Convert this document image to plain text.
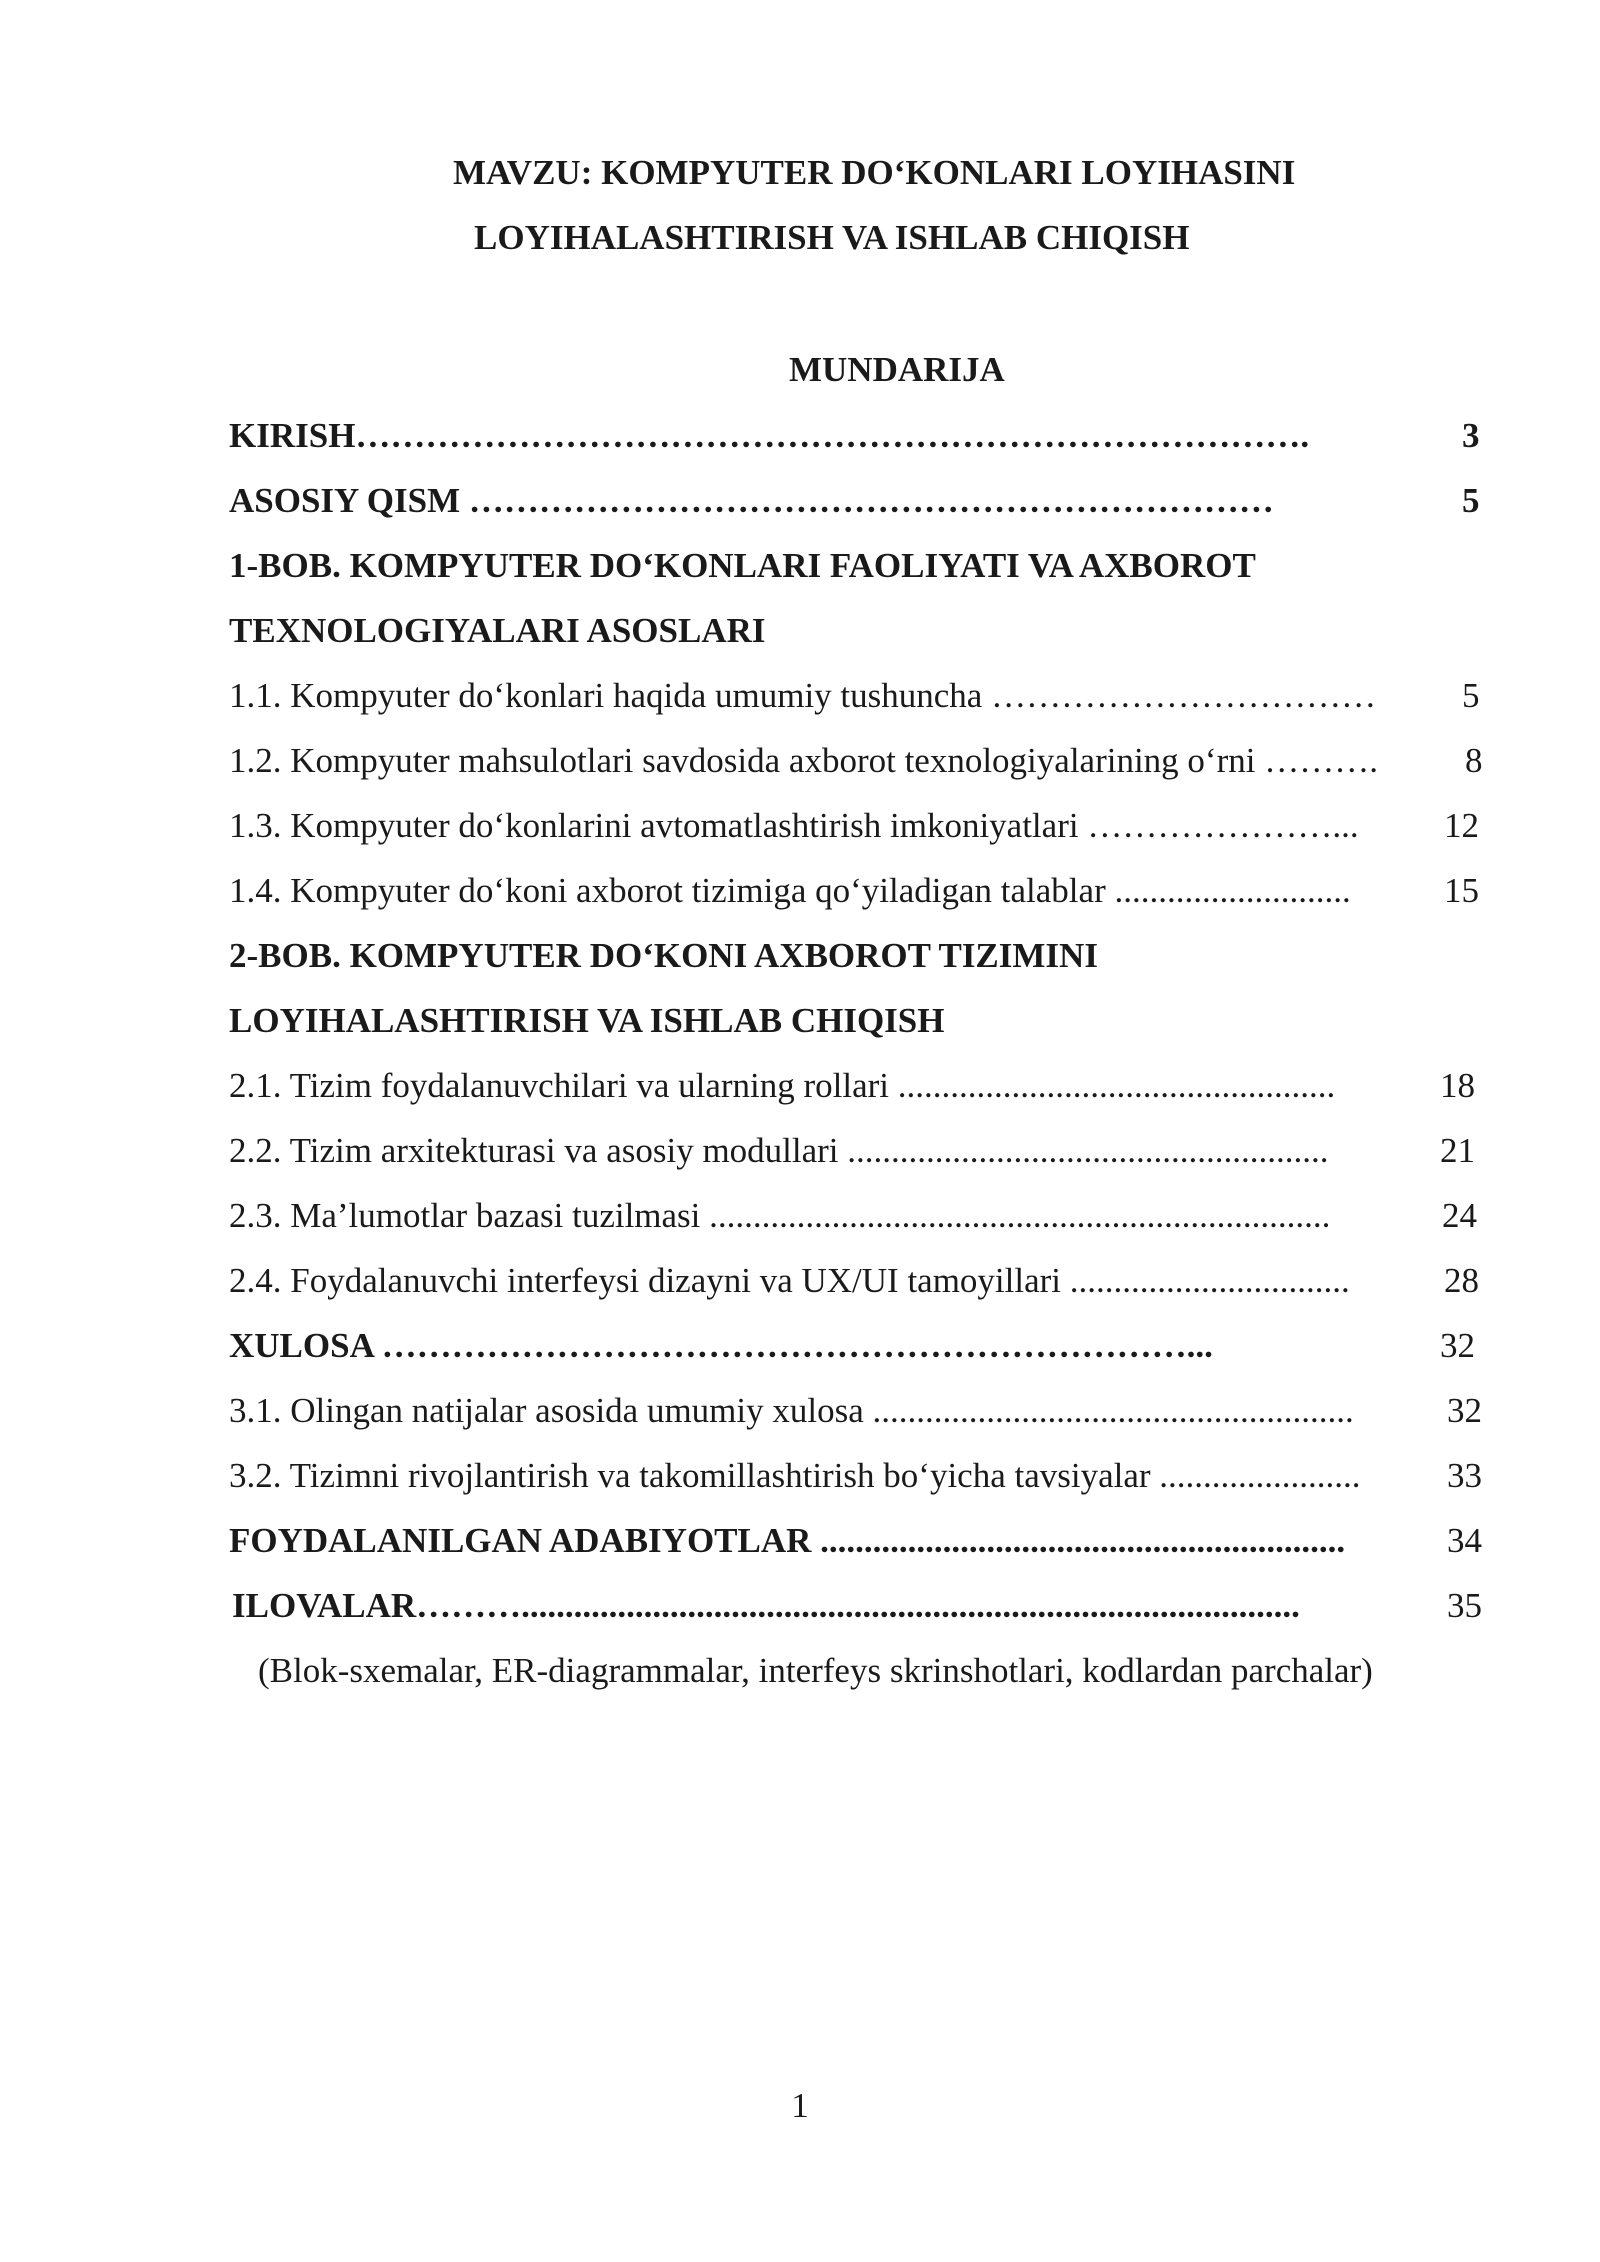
MAVZU: KOMPYUTER DO‘KONLARI LOYIHASINI
LOYIHALASHTIRISH VA ISHLAB CHIQISH
MUNDARIJA
KIRISH……………………………………………………………………….	3
ASOSIY QISM ……………………………………………………………	5
1-BOB. KOMPYUTER DO‘KONLARI FAOLIYATI VA AXBOROT
TEXNOLOGIYALARI ASOSLARI
1.1. Kompyuter do‘konlari haqida umumiy tushuncha …………………………… 5
1.2. Kompyuter mahsulotlari savdosida axborot texnologiyalarining o‘rni ………. 8
1.3. Kompyuter do‘konlarini avtomatlashtirish imkoniyatlari …………………... 12
1.4. Kompyuter do‘koni axborot tizimiga qo‘yiladigan talablar ...........................	15
2-BOB. KOMPYUTER DO‘KONI AXBOROT TIZIMINI
LOYIHALASHTIRISH VA ISHLAB CHIQISH
2.1. Tizim foydalanuvchilari va ularning rollari ..................................................	18
2.2. Tizim arxitekturasi va asosiy modullari .......................................................	21
2.3. Ma’lumotlar bazasi tuzilmasi .......................................................................	24
2.4. Foydalanuvchi interfeysi dizayni va UX/UI tamoyillari ................................	28
XULOSA ……………………………………………………………...	32
3.1. Olingan natijalar asosida umumiy xulosa .......................................................	32
3.2. Tizimni rivojlantirish va takomillashtirish bo‘yicha tavsiyalar ....................... 33
FOYDALANILGAN ADABIYOTLAR ............................................................	34
ILOVALAR……….........................................................................................	35
(Blok-sxemalar, ER-diagrammalar, interfeys skrinshotlari, kodlardan parchalar)
1
